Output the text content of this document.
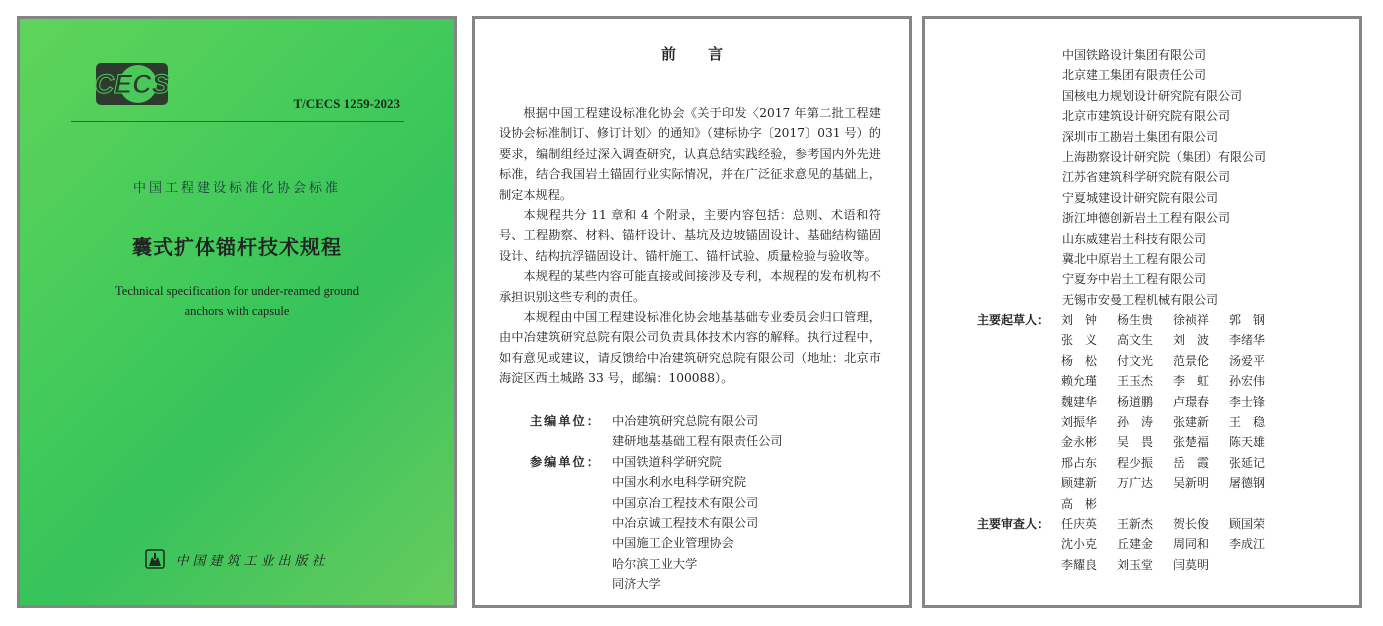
CECS
T/CECS 1259-2023
中国工程建设标准化协会标准
囊式扩体锚杆技术规程
Technical specification for under-reamed ground
anchors with capsule
中国建筑工业出版社
前言

根据中国工程建设标准化协会《关于印发〈2017 年第二批工程建设协会标准制订、修订计划〉的通知》（建标协字〔2017〕031 号）的要求，编制组经过深入调查研究，认真总结实践经验，参考国内外先进标准，结合我国岩土锚固行业实际情况，并在广泛征求意见的基础上，制定本规程。

本规程共分 11 章和 4 个附录，主要内容包括：总则、术语和符号、工程勘察、材料、锚杆设计、基坑及边坡锚固设计、基础结构锚固设计、结构抗浮锚固设计、锚杆施工、锚杆试验、质量检验与验收等。

本规程的某些内容可能直接或间接涉及专利，本规程的发布机构不承担识别这些专利的责任。

本规程由中国工程建设标准化协会地基基础专业委员会归口管理，由中冶建筑研究总院有限公司负责具体技术内容的解释。执行过程中，如有意见或建议，请反馈给中冶建筑研究总院有限公司（地址：北京市海淀区西土城路 33 号，邮编：100088）。

主编单位： 中冶建筑研究总院有限公司
建研地基基础工程有限责任公司
参编单位： 中国铁道科学研究院
中国水利水电科学研究院
中国京冶工程技术有限公司
中冶京诚工程技术有限公司
中国施工企业管理协会
哈尔滨工业大学
同济大学
中国铁路设计集团有限公司
北京建工集团有限责任公司
国核电力规划设计研究院有限公司
北京市建筑设计研究院有限公司
深圳市工勘岩土集团有限公司
上海勘察设计研究院（集团）有限公司
江苏省建筑科学研究院有限公司
宁夏城建设计研究院有限公司
浙江坤德创新岩土工程有限公司
山东威建岩土科技有限公司
冀北中原岩土工程有限公司
宁夏夯中岩土工程有限公司
无锡市安曼工程机械有限公司
主要起草人： 刘　钟	杨生贵	徐祯祥	郭　钢
张　义	高文生	刘　波	李绪华
杨　松	付文光	范景伦	汤爱平
赖允瑾	王玉杰	李　虹	孙宏伟
魏建华	杨道鹏	卢璟春	李士锋
刘振华	孙　涛	张建新	王　稳
金永彬	吴　畏	张楚福	陈天雄
邢占东	程少振	岳　霞	张延记
顾建新	万广达	吴新明	屠德钢
高　彬
主要审查人： 任庆英	王新杰	贺长俊	顾国荣
沈小克	丘建金	周同和	李成江
李耀良	刘玉堂	闫莫明
